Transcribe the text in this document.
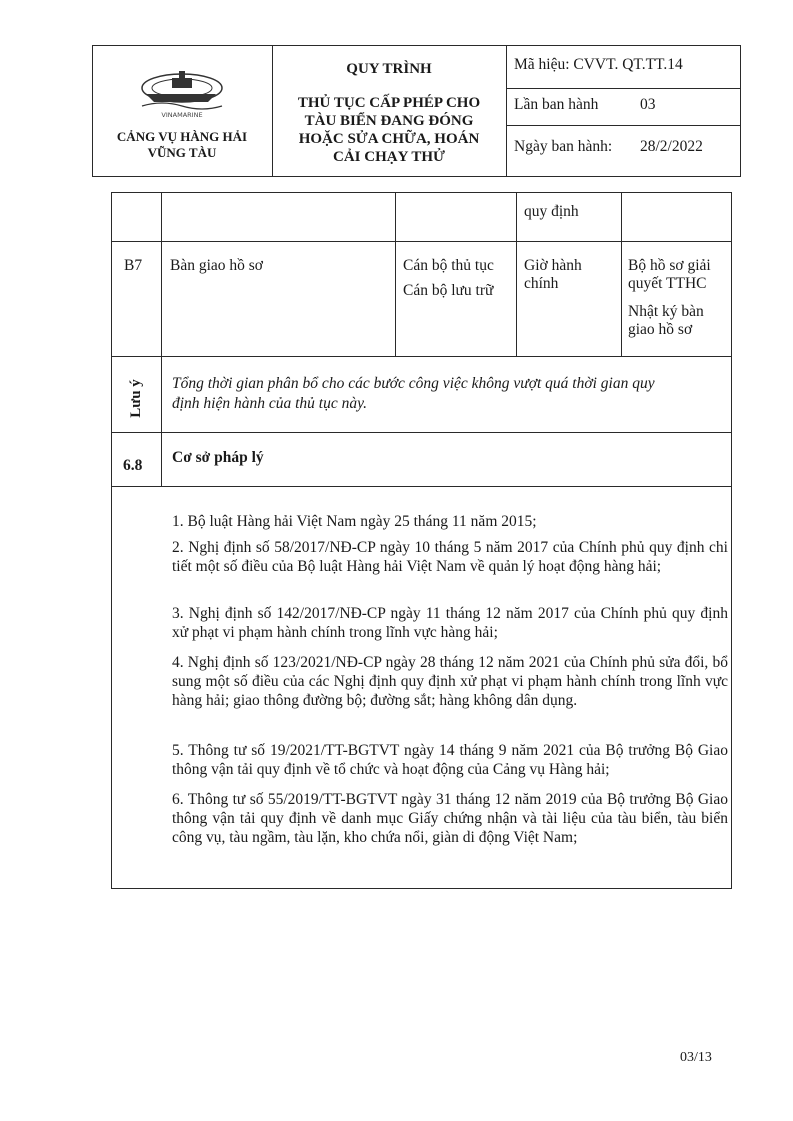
VINAMARINE
CẢNG VỤ HÀNG HẢI
VŨNG TÀU
QUY TRÌNH
THỦ TỤC CẤP PHÉP CHO
TÀU BIỂN ĐANG ĐÓNG
HOẶC SỬA CHỮA, HOÁN
CẢI CHẠY THỬ
Mã hiệu: CVVT. QT.TT.14
Lần ban hành	03
Ngày ban hành: 28/2/2022
quy định
B7 Bàn giao hồ sơ	Cán bộ thủ tục
Cán bộ lưu trữ
Giờ hành
chính
Bộ hồ sơ giải
quyết TTHC
Nhật ký bàn
giao hồ sơ
Lưu ý Tổng thời gian phân bổ cho các bước công việc không vượt quá thời gian quy
định hiện hành của thủ tục này.
6.8 Cơ sở pháp lý
1. Bộ luật Hàng hải Việt Nam ngày 25 tháng 11 năm 2015;
2. Nghị định số 58/2017/NĐ-CP ngày 10 tháng 5 năm 2017 của Chính phủ quy định chi tiết một số điều của Bộ luật Hàng hải Việt Nam về quản lý hoạt động hàng hải;
3. Nghị định số 142/2017/NĐ-CP ngày 11 tháng 12 năm 2017 của Chính phủ quy định xử phạt vi phạm hành chính trong lĩnh vực hàng hải;
4. Nghị định số 123/2021/NĐ-CP ngày 28 tháng 12 năm 2021 của Chính phủ sửa đổi, bổ sung một số điều của các Nghị định quy định xử phạt vi phạm hành chính trong lĩnh vực hàng hải; giao thông đường bộ; đường sắt; hàng không dân dụng.
5. Thông tư số 19/2021/TT-BGTVT ngày 14 tháng 9 năm 2021 của Bộ trưởng Bộ Giao thông vận tải quy định về tổ chức và hoạt động của Cảng vụ Hàng hải;
6. Thông tư số 55/2019/TT-BGTVT ngày 31 tháng 12 năm 2019 của Bộ trưởng Bộ Giao thông vận tải quy định về danh mục Giấy chứng nhận và tài liệu của tàu biển, tàu biển công vụ, tàu ngầm, tàu lặn, kho chứa nổi, giàn di động Việt Nam;
03/13
